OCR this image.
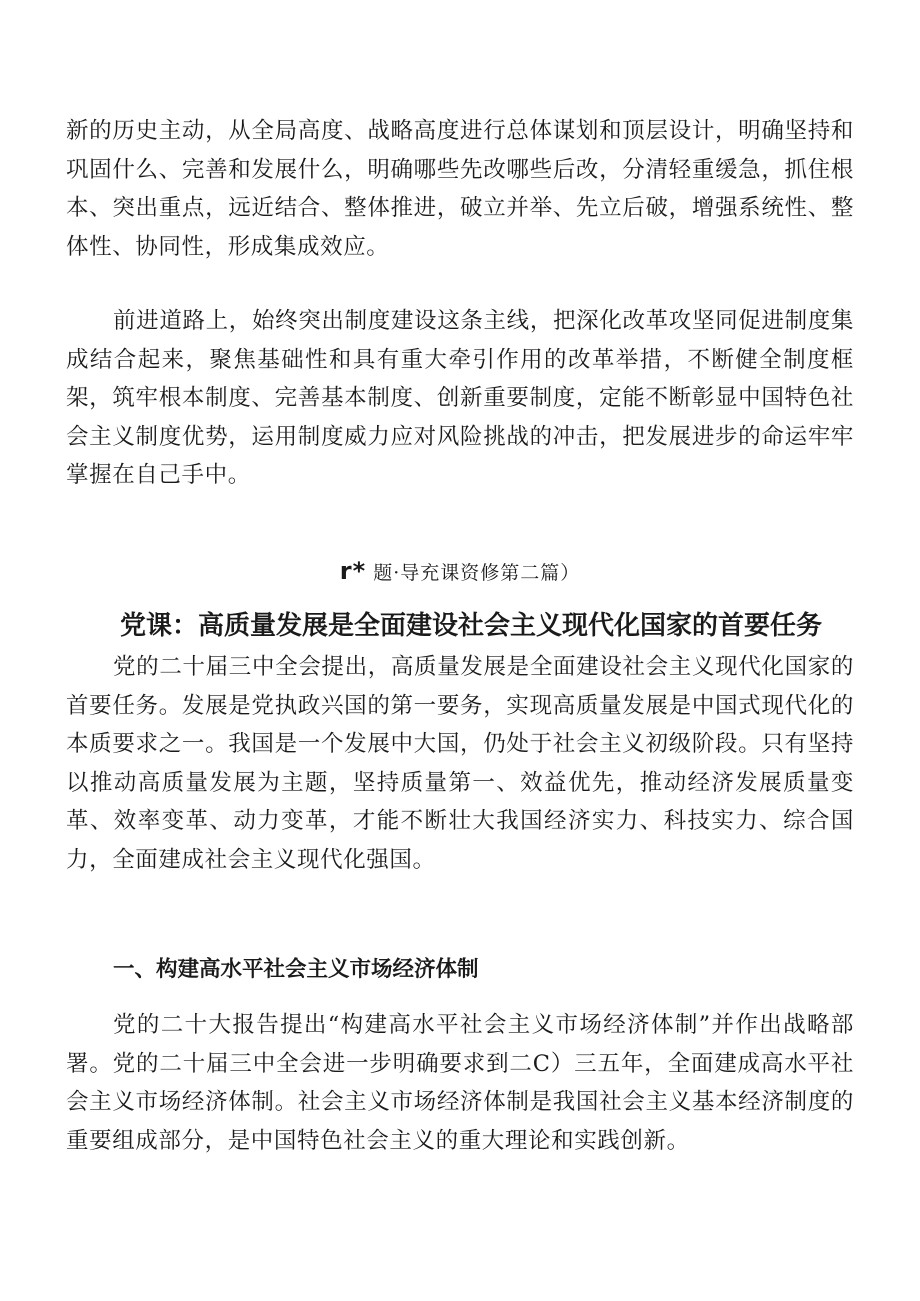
新的历史主动，从全局高度、战略高度进行总体谋划和顶层设计，明确坚持和巩固什么、完善和发展什么，明确哪些先改哪些后改，分清轻重缓急，抓住根本、突出重点，远近结合、整体推进，破立并举、先立后破，增强系统性、整体性、协同性，形成集成效应。

前进道路上，始终突出制度建设这条主线，把深化改革攻坚同促进制度集成结合起来，聚焦基础性和具有重大牵引作用的改革举措，不断健全制度框架，筑牢根本制度、完善基本制度、创新重要制度，定能不断彰显中国特色社会主义制度优势，运用制度威力应对风险挑战的冲击，把发展进步的命运牢牢掌握在自己手中。

r* 题·导充课资修第二篇）

党课：高质量发展是全面建设社会主义现代化国家的首要任务

党的二十届三中全会提出，高质量发展是全面建设社会主义现代化国家的首要任务。发展是党执政兴国的第一要务，实现高质量发展是中国式现代化的本质要求之一。我国是一个发展中大国，仍处于社会主义初级阶段。只有坚持以推动高质量发展为主题，坚持质量第一、效益优先，推动经济发展质量变革、效率变革、动力变革，才能不断壮大我国经济实力、科技实力、综合国力，全面建成社会主义现代化强国。

一、构建高水平社会主义市场经济体制

党的二十大报告提出“构建高水平社会主义市场经济体制”并作出战略部署。党的二十届三中全会进一步明确要求到二C）三五年，全面建成高水平社会主义市场经济体制。社会主义市场经济体制是我国社会主义基本经济制度的重要组成部分，是中国特色社会主义的重大理论和实践创新。
